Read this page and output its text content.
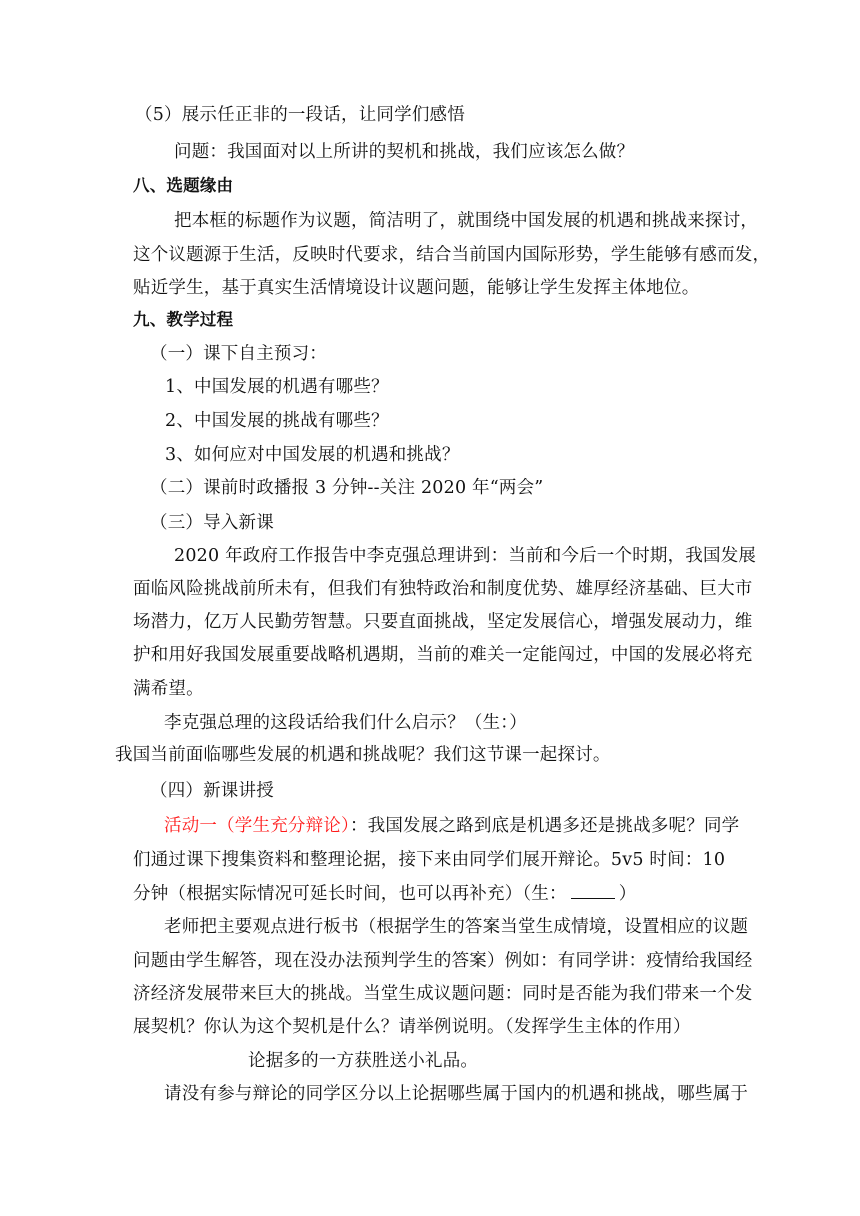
（5）展示任正非的一段话，让同学们感悟
问题：我国面对以上所讲的契机和挑战，我们应该怎么做？
八、选题缘由
把本框的标题作为议题，简洁明了，就围绕中国发展的机遇和挑战来探讨，
这个议题源于生活，反映时代要求，结合当前国内国际形势，学生能够有感而发，
贴近学生，基于真实生活情境设计议题问题，能够让学生发挥主体地位。
九、教学过程
（一）课下自主预习：
1、中国发展的机遇有哪些？
2、中国发展的挑战有哪些？
3、如何应对中国发展的机遇和挑战？
（二）课前时政播报 3 分钟--关注 2020 年“两会”
（三）导入新课
2020 年政府工作报告中李克强总理讲到：当前和今后一个时期，我国发展
面临风险挑战前所未有，但我们有独特政治和制度优势、雄厚经济基础、巨大市
场潜力，亿万人民勤劳智慧。只要直面挑战，坚定发展信心，增强发展动力，维
护和用好我国发展重要战略机遇期，当前的难关一定能闯过，中国的发展必将充
满希望。
李克强总理的这段话给我们什么启示？（生：）
我国当前面临哪些发展的机遇和挑战呢？我们这节课一起探讨。
（四）新课讲授
活动一（学生充分辩论）：我国发展之路到底是机遇多还是挑战多呢？同学
们通过课下搜集资料和整理论据，接下来由同学们展开辩论。5v5 时间：10
分钟（根据实际情况可延长时间，也可以再补充）（生：	）
老师把主要观点进行板书（根据学生的答案当堂生成情境，设置相应的议题
问题由学生解答，现在没办法预判学生的答案）例如：有同学讲：疫情给我国经
济经济发展带来巨大的挑战。当堂生成议题问题：同时是否能为我们带来一个发
展契机？你认为这个契机是什么？请举例说明。（发挥学生主体的作用）
论据多的一方获胜送小礼品。
请没有参与辩论的同学区分以上论据哪些属于国内的机遇和挑战，哪些属于
